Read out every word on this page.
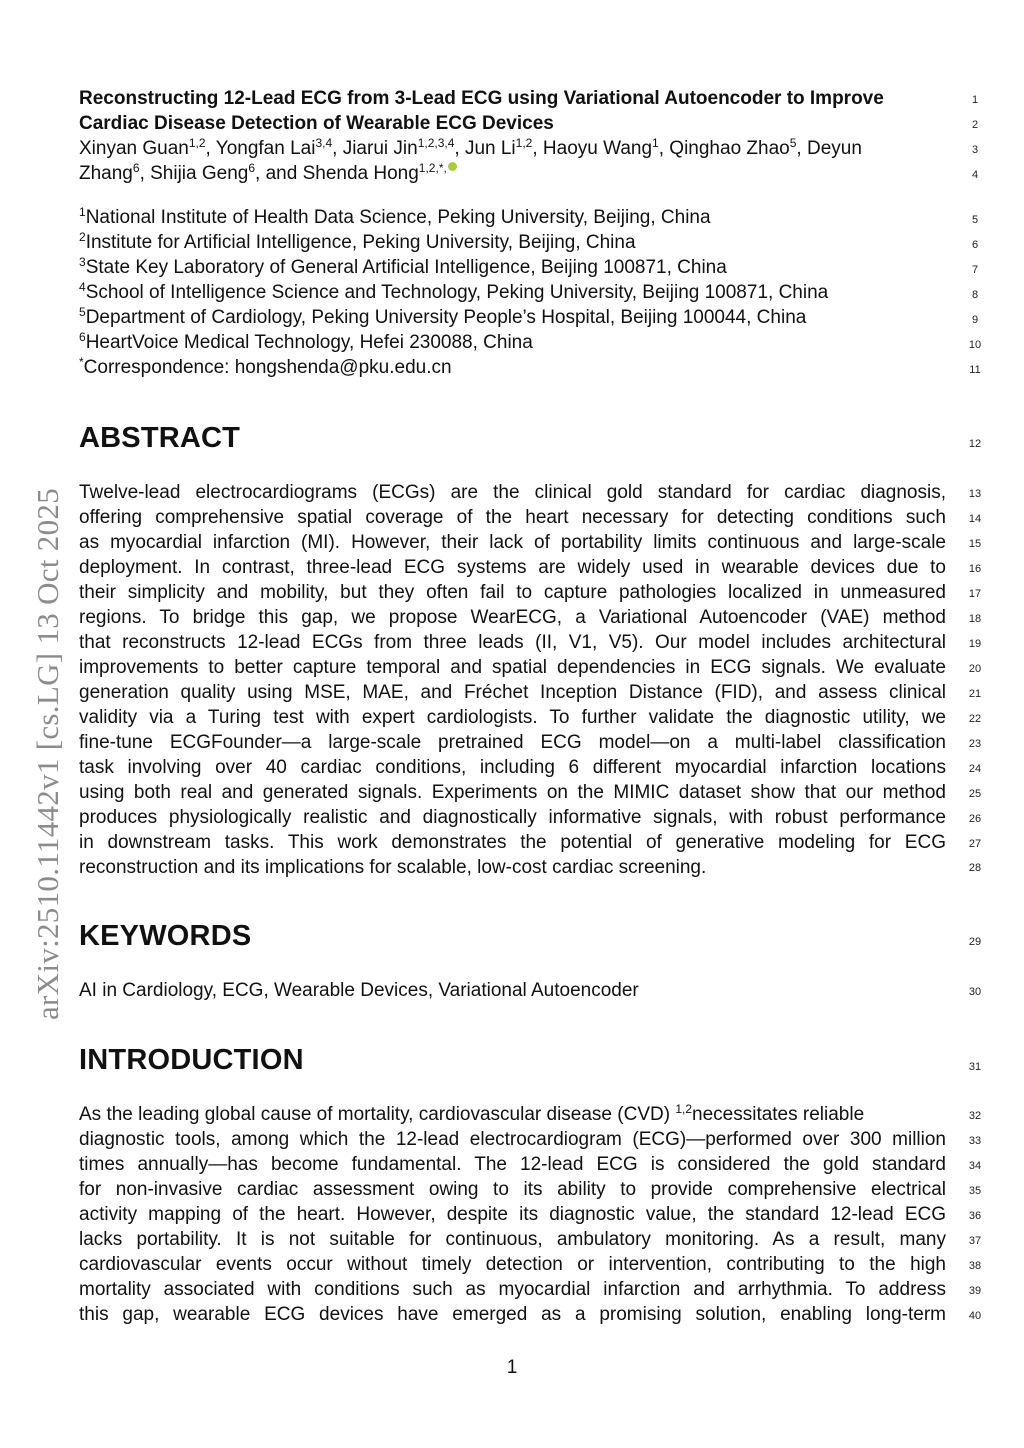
arXiv:2510.11442v1 [cs.LG] 13 Oct 2025
Reconstructing 12-Lead ECG from 3-Lead ECG using Variational Autoencoder to Improve
Cardiac Disease Detection of Wearable ECG Devices
Xinyan Guan$^{1,2}$, Yongfan Lai$^{3,4}$, Jiarui Jin$^{1,2,3,4}$, Jun Li$^{1,2}$, Haoyu Wang$^1$, Qinghao Zhao$^5$, Deyun
Zhang$^6$, Shijia Geng$^6$, and Shenda Hong$^{1,2,*,}$
$^1$National Institute of Health Data Science, Peking University, Beijing, China
$^2$Institute for Artificial Intelligence, Peking University, Beijing, China
$^3$State Key Laboratory of General Artificial Intelligence, Beijing 100871, China
$^4$School of Intelligence Science and Technology, Peking University, Beijing 100871, China
$^5$Department of Cardiology, Peking University People’s Hospital, Beijing 100044, China
$^6$HeartVoice Medical Technology, Hefei 230088, China
*Correspondence: hongshenda@pku.edu.cn
ABSTRACT
Twelve-lead electrocardiograms (ECGs) are the clinical gold standard for cardiac diagnosis,
offering comprehensive spatial coverage of the heart necessary for detecting conditions such
as myocardial infarction (MI). However, their lack of portability limits continuous and large-scale
deployment. In contrast, three-lead ECG systems are widely used in wearable devices due to
their simplicity and mobility, but they often fail to capture pathologies localized in unmeasured
regions. To bridge this gap, we propose WearECG, a Variational Autoencoder (VAE) method
that reconstructs 12-lead ECGs from three leads (II, V1, V5). Our model includes architectural
improvements to better capture temporal and spatial dependencies in ECG signals. We evaluate
generation quality using MSE, MAE, and Fréchet Inception Distance (FID), and assess clinical
validity via a Turing test with expert cardiologists. To further validate the diagnostic utility, we
fine-tune ECGFounder—a large-scale pretrained ECG model—on a multi-label classification
task involving over 40 cardiac conditions, including 6 different myocardial infarction locations
using both real and generated signals. Experiments on the MIMIC dataset show that our method
produces physiologically realistic and diagnostically informative signals, with robust performance
in downstream tasks. This work demonstrates the potential of generative modeling for ECG
reconstruction and its implications for scalable, low-cost cardiac screening.
KEYWORDS
AI in Cardiology, ECG, Wearable Devices, Variational Autoencoder
INTRODUCTION
As the leading global cause of mortality, cardiovascular disease (CVD) $^{1,2}$necessitates reliable
diagnostic tools, among which the 12-lead electrocardiogram (ECG)—performed over 300 million
times annually—has become fundamental. The 12-lead ECG is considered the gold standard
for non-invasive cardiac assessment owing to its ability to provide comprehensive electrical
activity mapping of the heart. However, despite its diagnostic value, the standard 12-lead ECG
lacks portability. It is not suitable for continuous, ambulatory monitoring. As a result, many
cardiovascular events occur without timely detection or intervention, contributing to the high
mortality associated with conditions such as myocardial infarction and arrhythmia. To address
this gap, wearable ECG devices have emerged as a promising solution, enabling long-term
1
2
3
4
5
6
7
8
9
10
11
12
13
14
15
16
17
18
19
20
21
22
23
24
25
26
27
28
29
30
31
32
33
34
35
36
37
38
39
40
1
